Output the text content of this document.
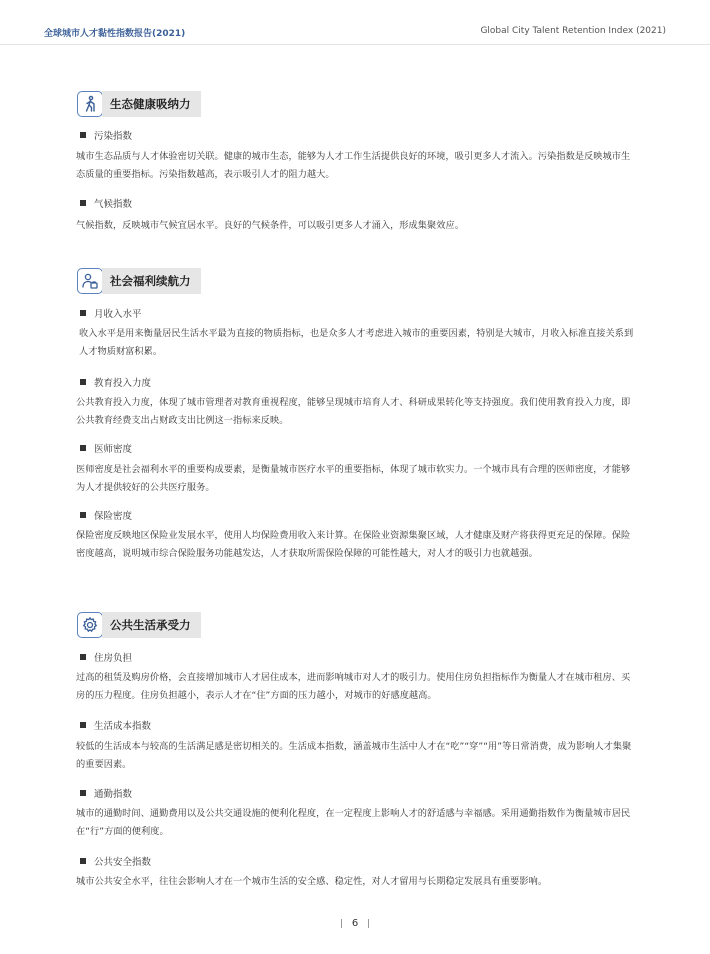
全球城市人才黏性指数报告(2021)	Global City Talent Retention Index (2021)
生态健康吸纳力
污染指数
城市生态品质与人才体验密切关联。健康的城市生态，能够为人才工作生活提供良好的环境，吸引更多人才流入。污染指数是反映城市生态质量的重要指标。污染指数越高，表示吸引人才的阻力越大。
气候指数
气候指数，反映城市气候宜居水平。良好的气候条件，可以吸引更多人才涌入，形成集聚效应。
社会福利续航力
月收入水平
收入水平是用来衡量居民生活水平最为直接的物质指标，也是众多人才考虑进入城市的重要因素，特别是大城市，月收入标准直接关系到人才物质财富积累。
教育投入力度
公共教育投入力度，体现了城市管理者对教育重视程度，能够呈现城市培育人才、科研成果转化等支持强度。我们使用教育投入力度，即公共教育经费支出占财政支出比例这一指标来反映。
医师密度
医师密度是社会福利水平的重要构成要素，是衡量城市医疗水平的重要指标，体现了城市软实力。一个城市具有合理的医师密度，才能够为人才提供较好的公共医疗服务。
保险密度
保险密度反映地区保险业发展水平，使用人均保险费用收入来计算。在保险业资源集聚区域，人才健康及财产将获得更充足的保障。保险密度越高，说明城市综合保险服务功能越发达，人才获取所需保险保障的可能性越大，对人才的吸引力也就越强。
公共生活承受力
住房负担
过高的租赁及购房价格，会直接增加城市人才居住成本，进而影响城市对人才的吸引力。使用住房负担指标作为衡量人才在城市租房、买房的压力程度。住房负担越小，表示人才在“住”方面的压力越小，对城市的好感度越高。
生活成本指数
较低的生活成本与较高的生活满足感是密切相关的。生活成本指数，涵盖城市生活中人才在“吃”“穿”“用”等日常消费，成为影响人才集聚的重要因素。
通勤指数
城市的通勤时间、通勤费用以及公共交通设施的便利化程度，在一定程度上影响人才的舒适感与幸福感。采用通勤指数作为衡量城市居民在“行”方面的便利度。
公共安全指数
城市公共安全水平，往往会影响人才在一个城市生活的安全感、稳定性，对人才留用与长期稳定发展具有重要影响。
6
